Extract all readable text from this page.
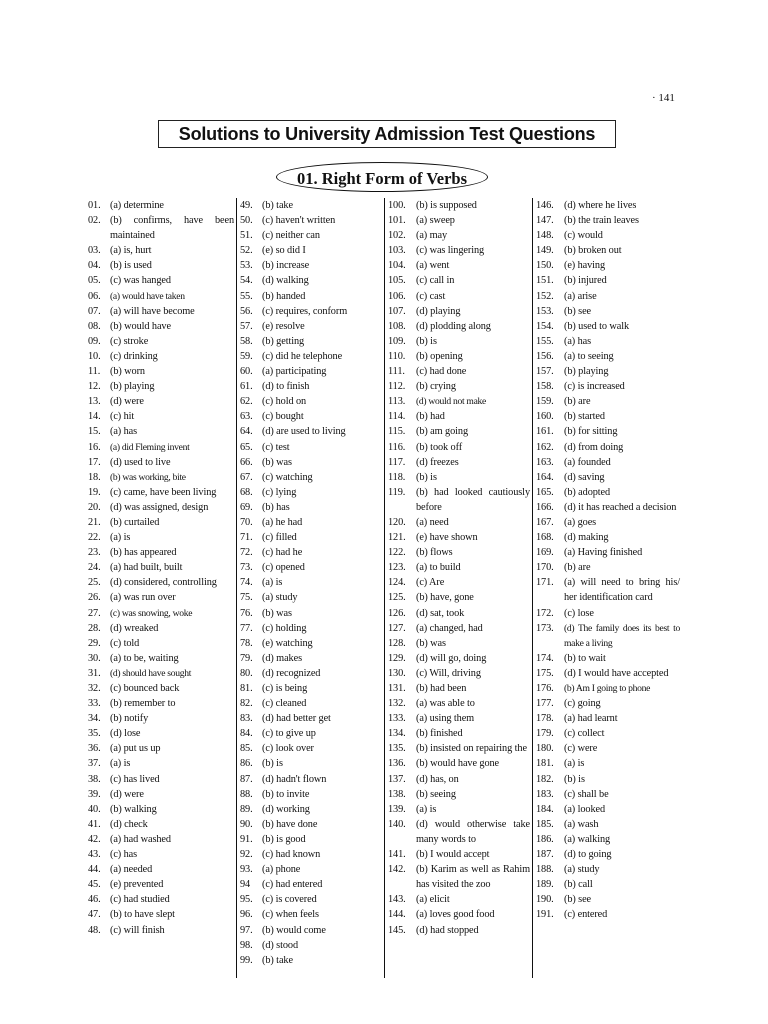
· 141
Solutions to University Admission Test Questions
01. Right Form of Verbs
01. (a) determine
02. (b) confirms, have been maintained
03. (a) is, hurt
04. (b) is used
05. (c) was hanged
06. (a) would have taken
07. (a) will have become
08. (b) would have
09. (c) stroke
10. (c) drinking
11. (b) worn
12. (b) playing
13. (d) were
14. (c) hit
15. (a) has
16. (a) did Fleming invent
17. (d) used to live
18. (b) was working, bite
19. (c) came, have been living
20. (d) was assigned, design
21. (b) curtailed
22. (a) is
23. (b) has appeared
24. (a) had built, built
25. (d) considered, controlling
26. (a) was run over
27. (c) was snowing, woke
28. (d) wreaked
29. (c) told
30. (a) to be, waiting
31. (d) should have sought
32. (c) bounced back
33. (b) remember to
34. (b) notify
35. (d) lose
36. (a) put us up
37. (a) is
38. (c) has lived
39. (d) were
40. (b) walking
41. (d) check
42. (a) had washed
43. (c) has
44. (a) needed
45. (e) prevented
46. (c) had studied
47. (b) to have slept
48. (c) will finish
49. (b) take
50. (c) haven't written
51. (c) neither can
52. (e) so did I
53. (b) increase
54. (d) walking
55. (b) handed
56. (c) requires, conform
57. (e) resolve
58. (b) getting
59. (c) did he telephone
60. (a) participating
61. (d) to finish
62. (c) hold on
63. (c) bought
64. (d) are used to living
65. (c) test
66. (b) was
67. (c) watching
68. (c) lying
69. (b) has
70. (a) he had
71. (c) filled
72. (c) had he
73. (c) opened
74. (a) is
75. (a) study
76. (b) was
77. (c) holding
78. (e) watching
79. (d) makes
80. (d) recognized
81. (c) is being
82. (c) cleaned
83. (d) had better get
84. (c) to give up
85. (c) look over
86. (b) is
87. (d) hadn't flown
88. (b) to invite
89. (d) working
90. (b) have done
91. (b) is good
92. (c) had known
93. (a) phone
94	(c) had entered
95. (c) is covered
96. (c) when feels
97. (b) would come
98. (d) stood
99. (b) take
100.	(b) is supposed
101.	(a) sweep
102.	(a) may
103.	(c) was lingering
104.	(a) went
105.	(c) call in
106.	(c) cast
107.	(d) playing
108.	(d) plodding along
109.	(b) is
110.	(b) opening
111.	(c) had done
112.	(b) crying
113.	(d) would not make
114.	(b) had
115.	(b) am going
116.	(b) took off
117.	(d) freezes
118.	(b) is
119.	(b) had looked cautiously before
120.	(a) need
121.	(e) have shown
122.	(b) flows
123.	(a) to build
124.	(c) Are
125.	(b) have, gone
126.	(d) sat, took
127.	(a) changed, had
128.	(b) was
129.	(d) will go, doing
130.	(c) Will, driving
131.	(b) had been
132.	(a) was able to
133.	(a) using them
134.	(b) finished
135.	(b) insisted on repairing the
136.	(b) would have gone
137.	(d) has, on
138.	(b) seeing
139.	(a) is
140.	(d) would otherwise take many words to
141.	(b) I would accept
142.	(b) Karim as well as Rahim has visited the zoo
143.	(a) elicit
144.	(a) loves good food
145.	(d) had stopped
146.	(d) where he lives
147.	(b) the train leaves
148.	(c) would
149.	(b) broken out
150.	(e) having
151.	(b) injured
152.	(a) arise
153.	(b) see
154.	(b) used to walk
155.	(a) has
156.	(a) to seeing
157.	(b) playing
158.	(c) is increased
159.	(b) are
160.	(b) started
161.	(b) for sitting
162.	(d) from doing
163.	(a) founded
164.	(d) saving
165.	(b) adopted
166.	(d) it has reached a decision
167.	(a) goes
168.	(d) making
169.	(a) Having finished
170.	(b) are
171.	(a) will need to bring his/ her identification card
172.	(c) lose
173.	(d) The family does its best to make a living
174.	(b) to wait
175.	(d) I would have accepted
176.	(b) Am I going to phone
177.	(c) going
178.	(a) had learnt
179.	(c) collect
180.	(c) were
181.	(a) is
182.	(b) is
183.	(c) shall be
184.	(a) looked
185.	(a) wash
186.	(a) walking
187.	(d) to going
188.	(a) study
189.	(b) call
190.	(b) see
191.	(c) entered
